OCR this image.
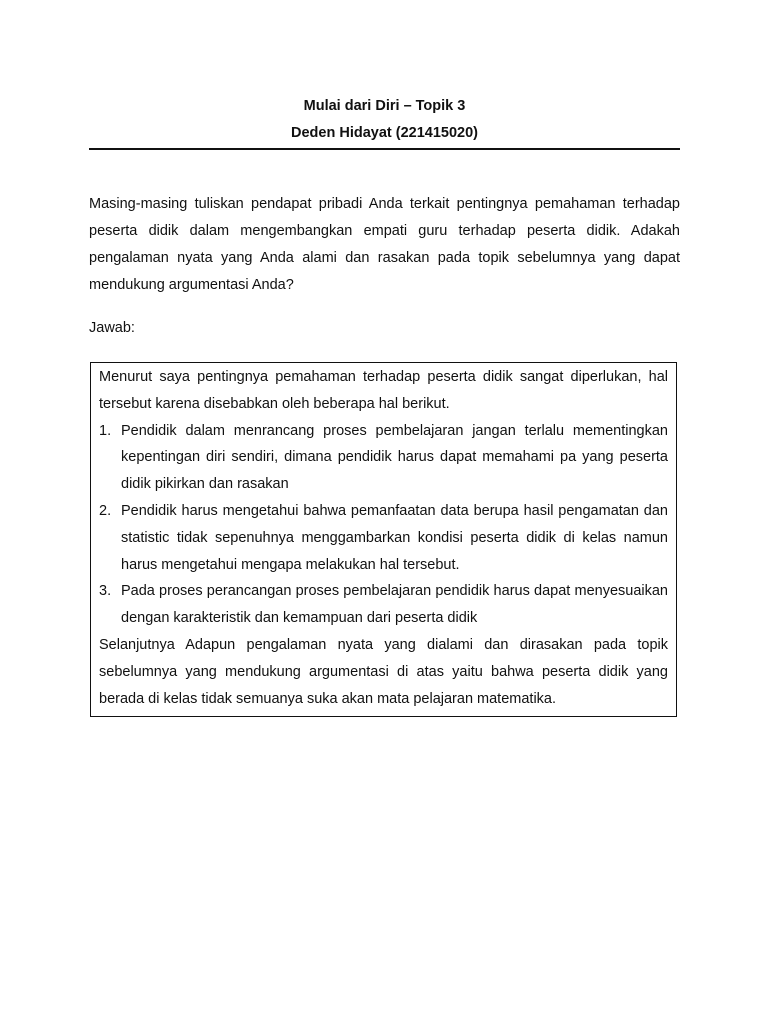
Mulai dari Diri – Topik 3
Deden Hidayat (221415020)

Masing-masing tuliskan pendapat pribadi Anda terkait pentingnya pemahaman terhadap peserta didik dalam mengembangkan empati guru terhadap peserta didik. Adakah pengalaman nyata yang Anda alami dan rasakan pada topik sebelumnya yang dapat mendukung argumentasi Anda?

Jawab:

Menurut saya pentingnya pemahaman terhadap peserta didik sangat diperlukan, hal tersebut karena disebabkan oleh beberapa hal berikut.

1. Pendidik dalam menrancang proses pembelajaran jangan terlalu mementingkan kepentingan diri sendiri, dimana pendidik harus dapat memahami pa yang peserta didik pikirkan dan rasakan
2. Pendidik harus mengetahui bahwa pemanfaatan data berupa hasil pengamatan dan statistic tidak sepenuhnya menggambarkan kondisi peserta didik di kelas namun harus mengetahui mengapa melakukan hal tersebut.
3. Pada proses perancangan proses pembelajaran pendidik harus dapat menyesuaikan dengan karakteristik dan kemampuan dari peserta didik

Selanjutnya Adapun pengalaman nyata yang dialami dan dirasakan pada topik sebelumnya yang mendukung argumentasi di atas yaitu bahwa peserta didik yang berada di kelas tidak semuanya suka akan mata pelajaran matematika.
